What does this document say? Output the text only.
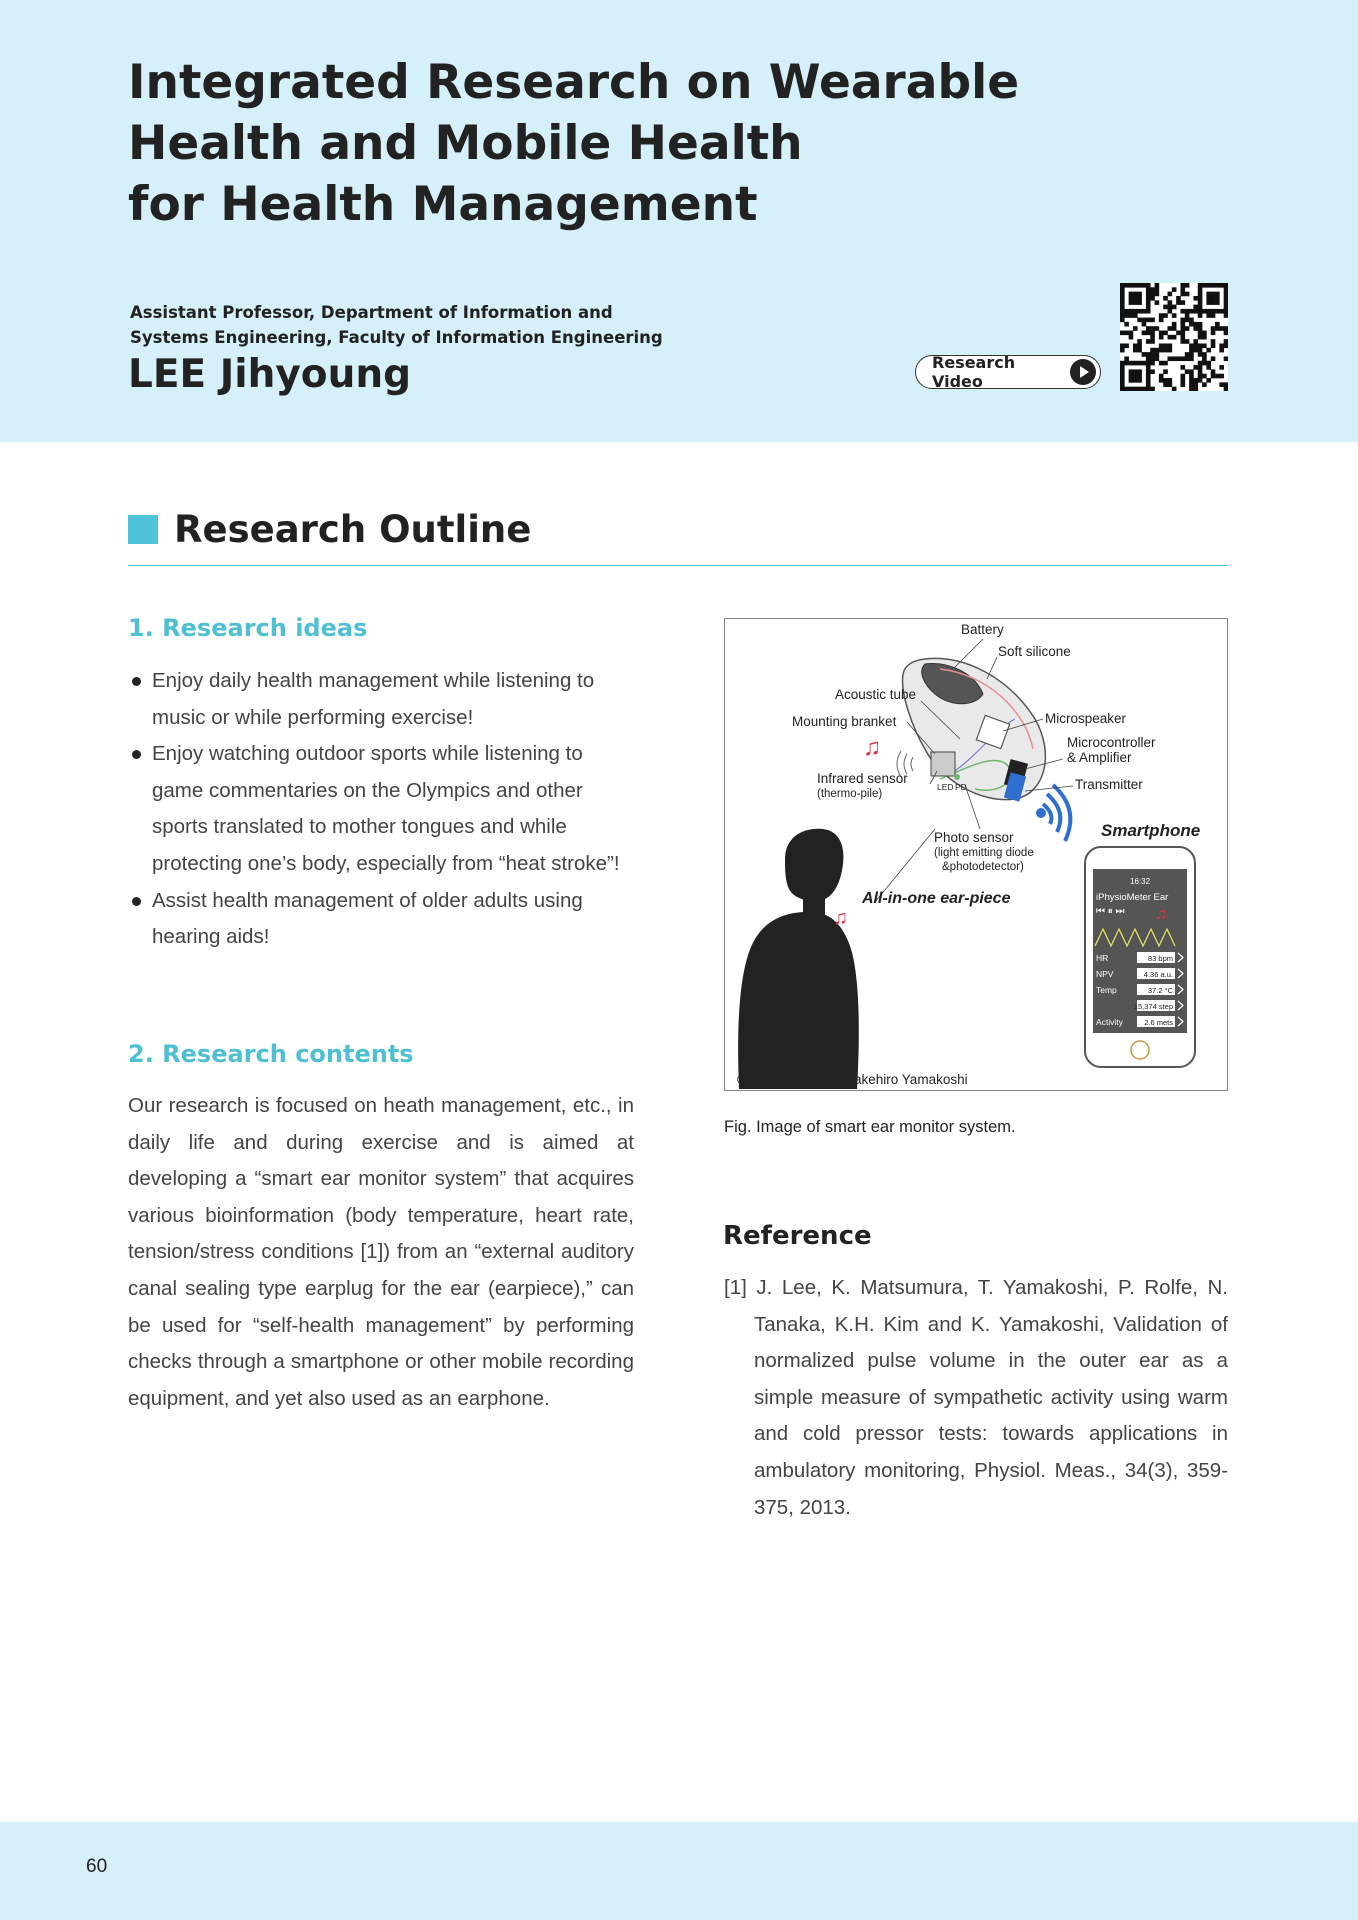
Integrated Research on Wearable
Health and Mobile Health
for Health Management
Assistant Professor, Department of Information and
Systems Engineering, Faculty of Information Engineering
LEE Jihyoung	Research Video
Research Outline
1. Research ideas
Enjoy daily health management while listening to music or while performing exercise!
Enjoy watching outdoor sports while listening to game commentaries on the Olympics and other sports translated to mother tongues and while protecting one’s body, especially from “heat stroke”!
Assist health management of older adults using hearing aids!
2. Research contents

Our research is focused on heath management, etc., in daily life and during exercise and is aimed at developing a “smart ear monitor system” that acquires various bioinformation (body temperature, heart rate, tension/stress conditions [1]) from an “external auditory canal sealing type earplug for the ear (earpiece),” can be used for “self-health management” by performing checks through a smartphone or other mobile recording equipment, and yet also used as an earphone.

♫
Battery
Soft silicone
Acoustic tube
Mounting branket	Microspeaker
Microcontroller
& Amplifier
Transmitter
Infrared sensor
(thermo-pile)
LED PD
Smartphone
Photo sensor
(light emitting diode
&photodetector)
All-in-one ear-piece
♫
16:32
iPhysioMeter Ear
⏮ ⏸ ⏭ ♫
HR	83 bpm
NPV	4.36 a.u.
Temp	37.2 °C
15,374 step
Activity	2.6 mets
© Jihyoung Lee & Takehiro Yamakoshi
Fig. Image of smart ear monitor system.
Reference

[1] J. Lee, K. Matsumura, T. Yamakoshi, P. Rolfe, N. Tanaka, K.H. Kim and K. Yamakoshi, Validation of normalized pulse volume in the outer ear as a simple measure of sympathetic activity using warm and cold pressor tests: towards applications in ambulatory monitoring, Physiol. Meas., 34(3), 359-375, 2013.

60
